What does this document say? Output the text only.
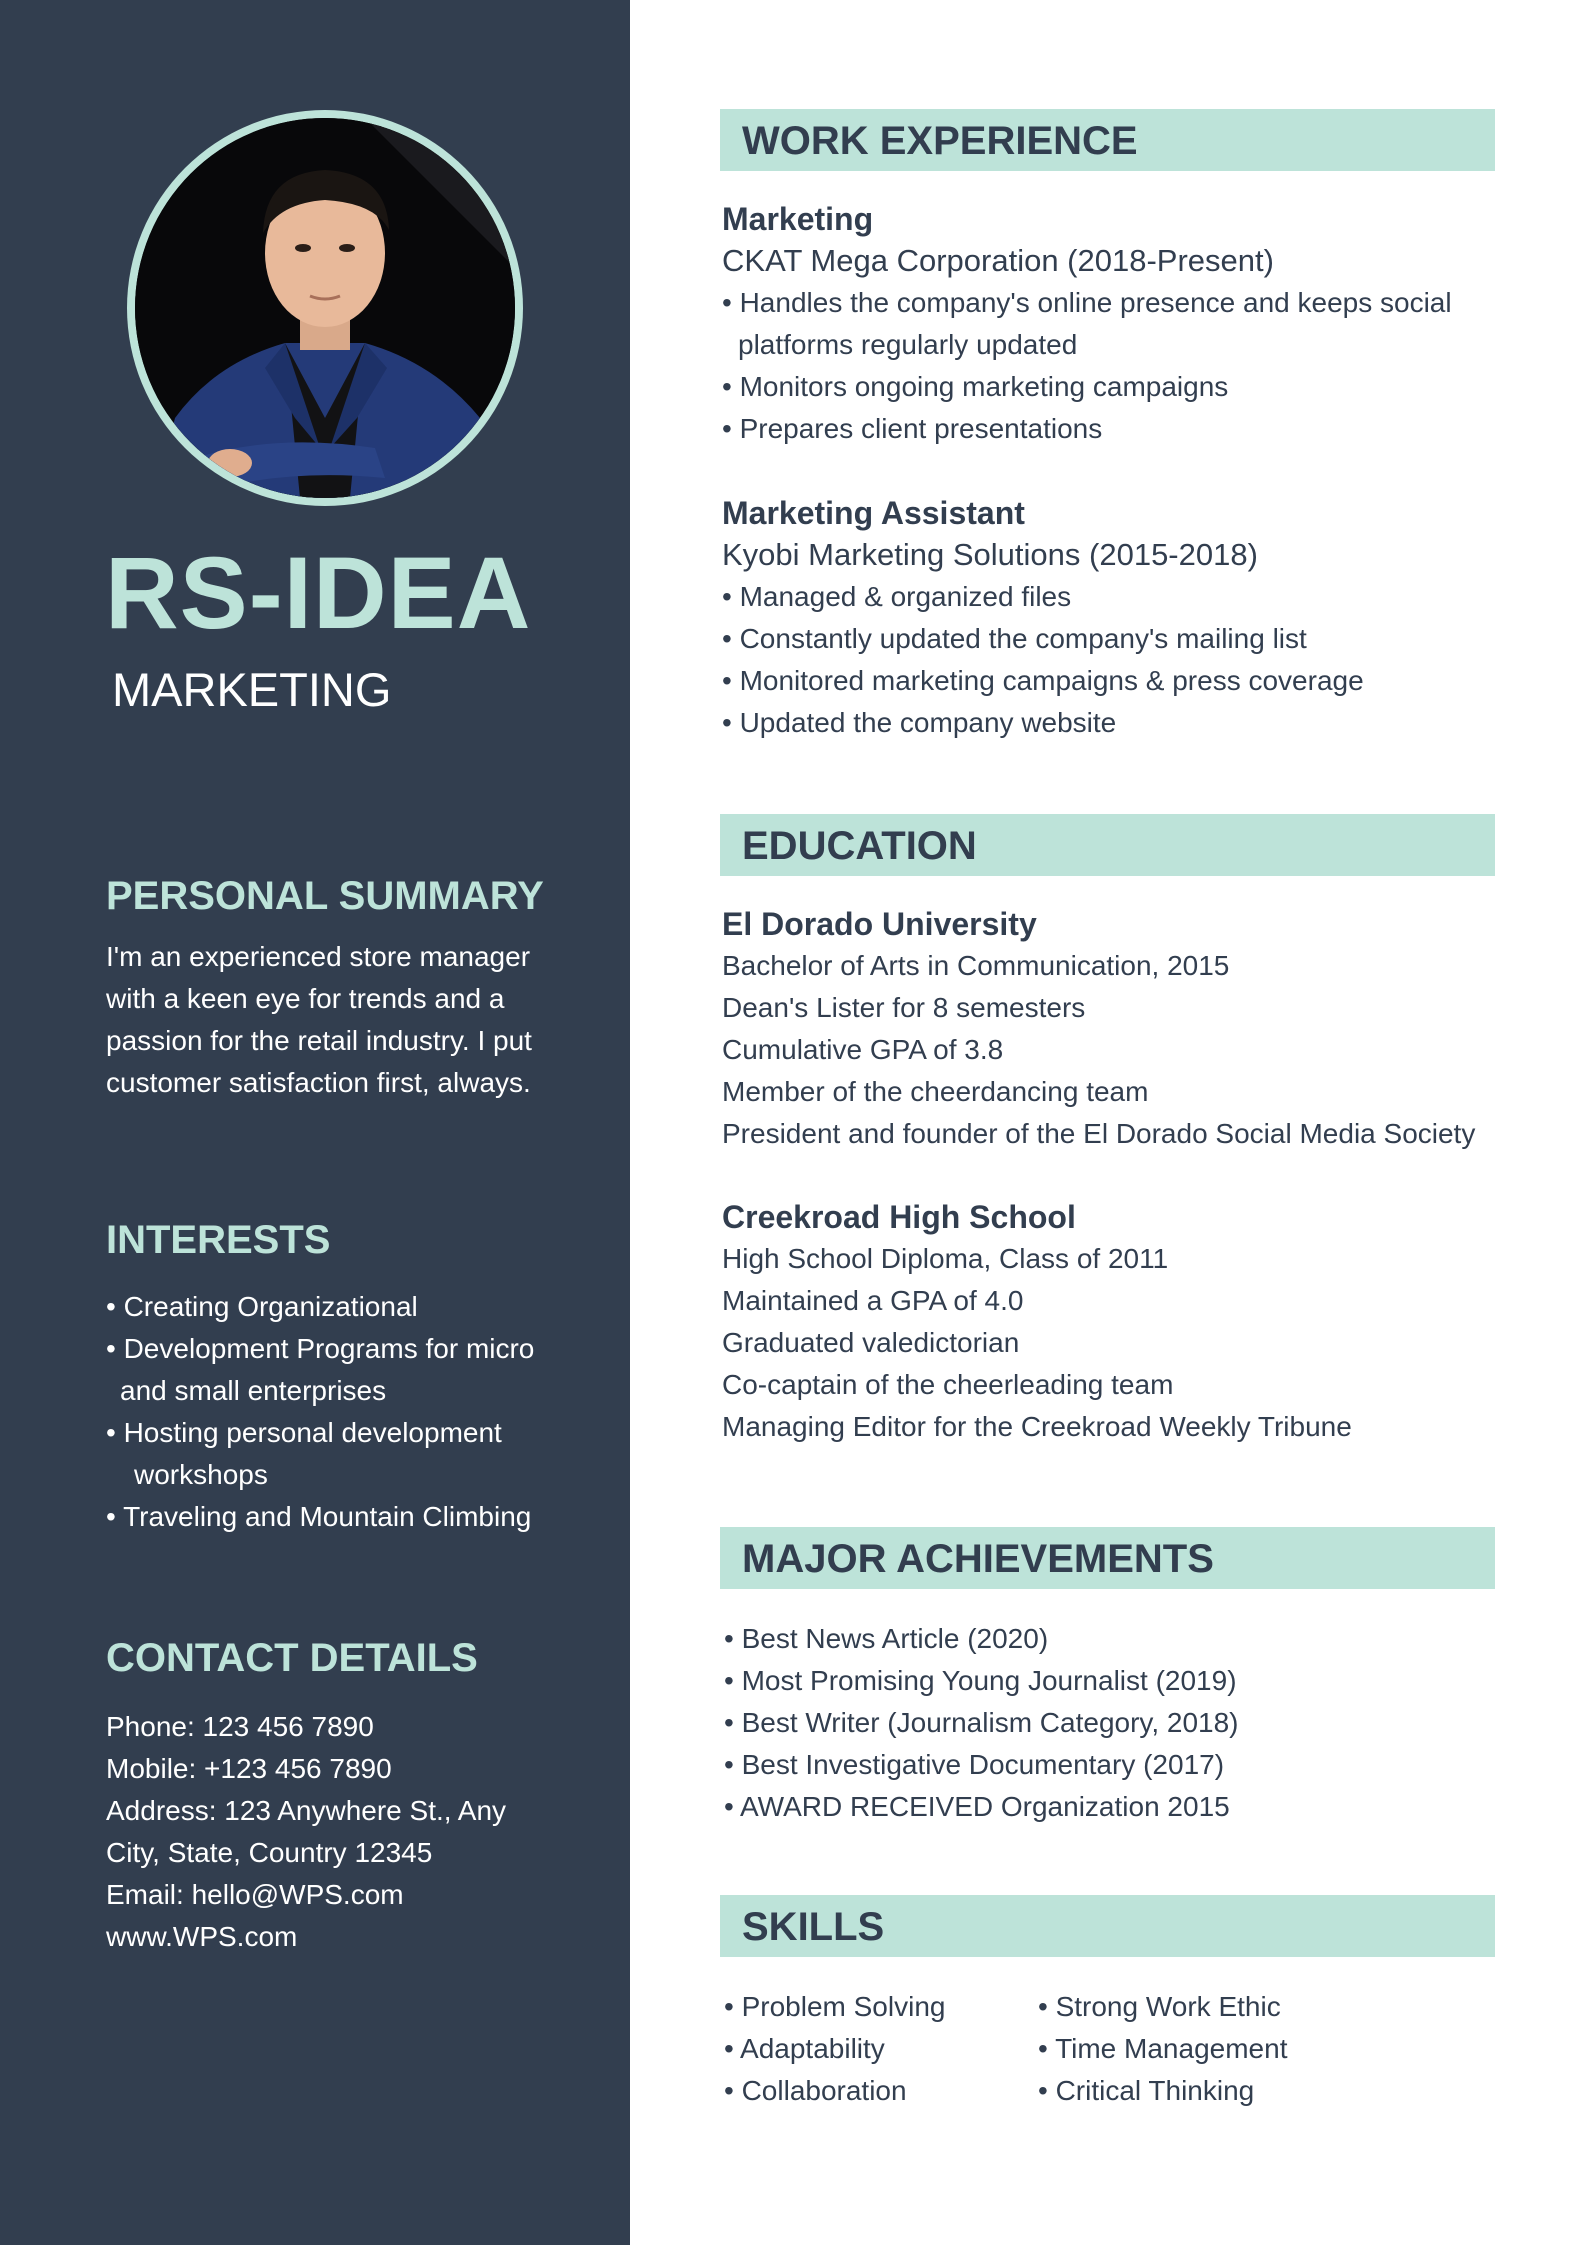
RS-IDEA
MARKETING
PERSONAL SUMMARY
I'm an experienced store manager
with a keen eye for trends and a
passion for the retail industry. I put
customer satisfaction first, always.
INTERESTS
• Creating Organizational
• Development Programs for micro
and small enterprises
• Hosting personal development
workshops
• Traveling and Mountain Climbing
CONTACT DETAILS
Phone: 123 456 7890
Mobile: +123 456 7890
Address: 123 Anywhere St., Any
City, State, Country 12345
Email: hello@WPS.com
www.WPS.com
WORK EXPERIENCE
Marketing
CKAT Mega Corporation (2018-Present)
• Handles the company's online presence and keeps social
platforms regularly updated
• Monitors ongoing marketing campaigns
• Prepares client presentations
Marketing Assistant
Kyobi Marketing Solutions (2015-2018)
• Managed & organized files
• Constantly updated the company's mailing list
• Monitored marketing campaigns & press coverage
• Updated the company website
EDUCATION
El Dorado University
Bachelor of Arts in Communication, 2015
Dean's Lister for 8 semesters
Cumulative GPA of 3.8
Member of the cheerdancing team
President and founder of the El Dorado Social Media Society
Creekroad High School
High School Diploma, Class of 2011
Maintained a GPA of 4.0
Graduated valedictorian
Co-captain of the cheerleading team
Managing Editor for the Creekroad Weekly Tribune
MAJOR ACHIEVEMENTS
• Best News Article (2020)
• Most Promising Young Journalist (2019)
• Best Writer (Journalism Category, 2018)
• Best Investigative Documentary (2017)
• AWARD RECEIVED Organization 2015
SKILLS
• Problem Solving
• Adaptability
• Collaboration
• Strong Work Ethic
• Time Management
• Critical Thinking
